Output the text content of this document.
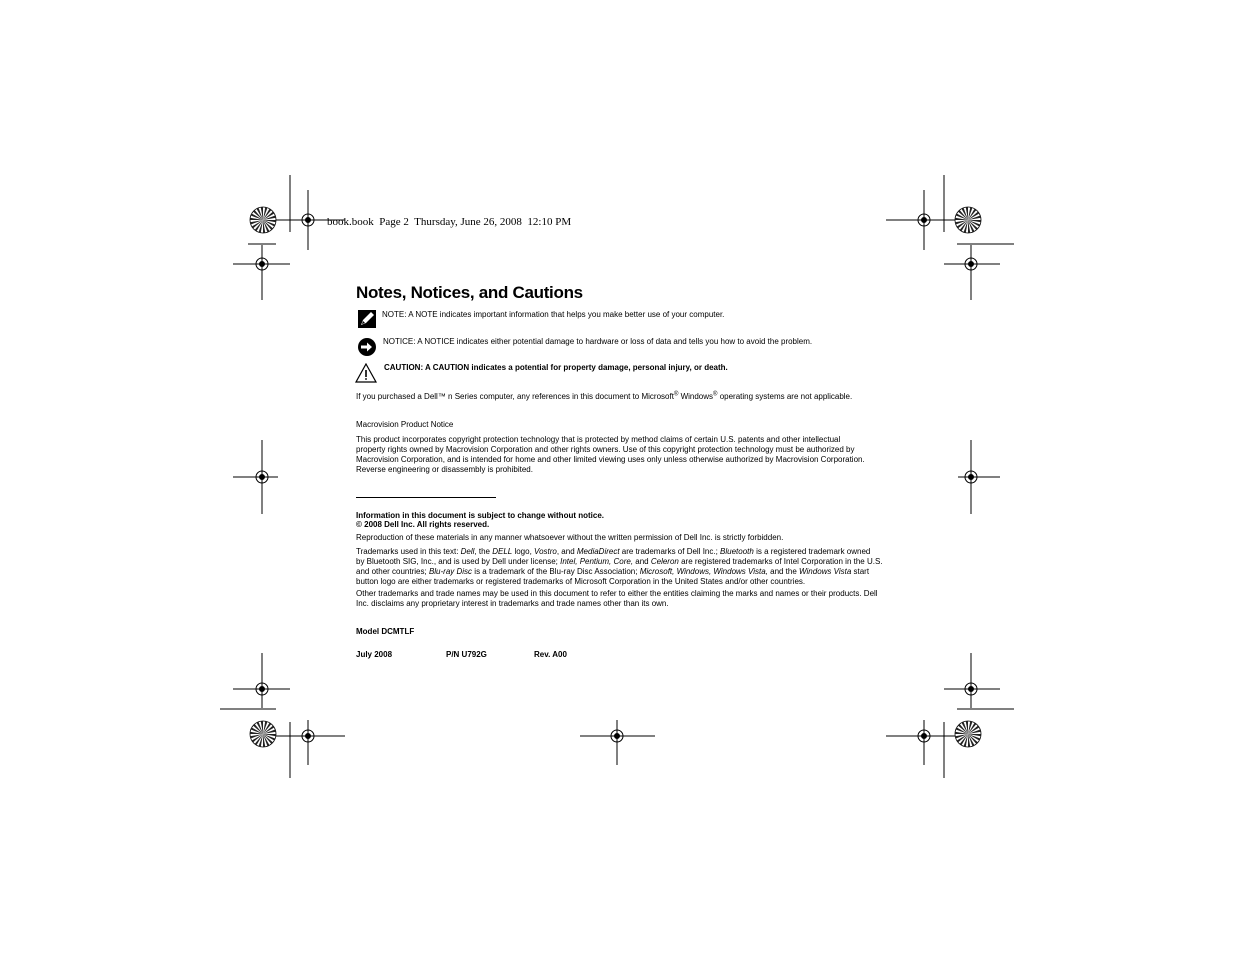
book.book  Page 2  Thursday, June 26, 2008  12:10 PM
Notes, Notices, and Cautions
NOTE: A NOTE indicates important information that helps you make better use of your computer.
NOTICE: A NOTICE indicates either potential damage to hardware or loss of data and tells you how to avoid the problem.
CAUTION: A CAUTION indicates a potential for property damage, personal injury, or death.
If you purchased a Dell™ n Series computer, any references in this document to Microsoft® Windows® operating systems are not applicable.
Macrovision Product Notice
This product incorporates copyright protection technology that is protected by method claims of certain U.S. patents and other intellectual
property rights owned by Macrovision Corporation and other rights owners. Use of this copyright protection technology must be authorized by
Macrovision Corporation, and is intended for home and other limited viewing uses only unless otherwise authorized by Macrovision Corporation.
Reverse engineering or disassembly is prohibited.
Information in this document is subject to change without notice.
© 2008 Dell Inc. All rights reserved.
Reproduction of these materials in any manner whatsoever without the written permission of Dell Inc. is strictly forbidden.
Trademarks used in this text: Dell, the DELL logo, Vostro, and MediaDirect are trademarks of Dell Inc.; Bluetooth is a registered trademark owned
by Bluetooth SIG, Inc., and is used by Dell under license; Intel, Pentium, Core, and Celeron are registered trademarks of Intel Corporation in the U.S.
and other countries; Blu-ray Disc is a trademark of the Blu-ray Disc Association; Microsoft, Windows, Windows Vista, and the Windows Vista start
button logo are either trademarks or registered trademarks of Microsoft Corporation in the United States and/or other countries.
Other trademarks and trade names may be used in this document to refer to either the entities claiming the marks and names or their products. Dell
Inc. disclaims any proprietary interest in trademarks and trade names other than its own.
Model DCMTLF
July 2008	P/N U792G	Rev. A00
